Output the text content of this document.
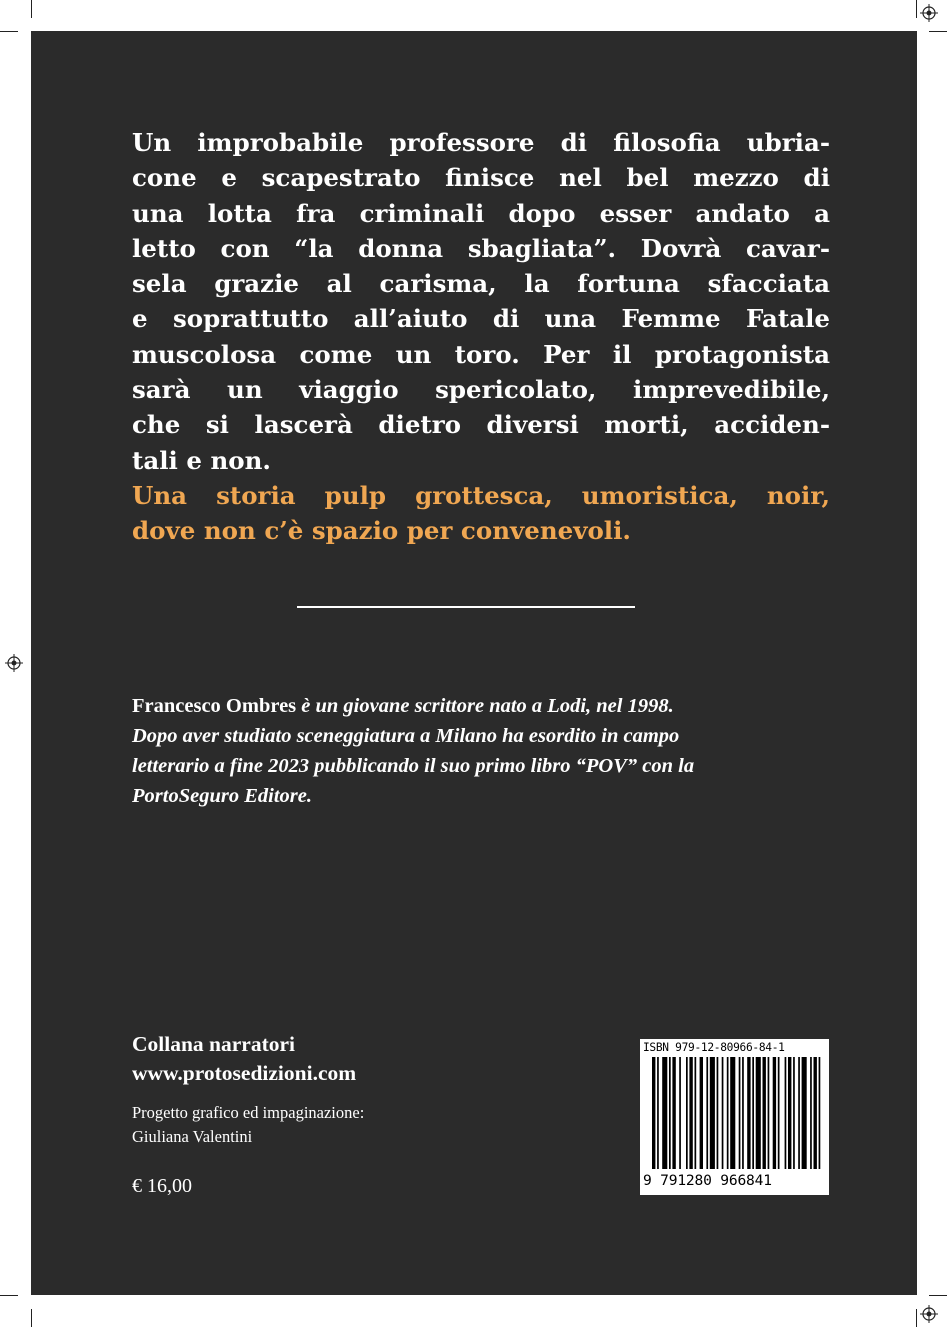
Un improbabile professore di filosofia ubria-
cone e scapestrato finisce nel bel mezzo di
una lotta fra criminali dopo esser andato a
letto con “la donna sbagliata”. Dovrà cavar-
sela grazie al carisma, la fortuna sfacciata
e soprattutto all’aiuto di una Femme Fatale
muscolosa come un toro. Per il protagonista
sarà un viaggio spericolato, imprevedibile,
che si lascerà dietro diversi morti, acciden-
tali e non.
Una storia pulp grottesca, umoristica, noir,
dove non c’è spazio per convenevoli.
Francesco Ombres è un giovane scrittore nato a Lodi, nel 1998.
Dopo aver studiato sceneggiatura a Milano ha esordito in campo
letterario a fine 2023 pubblicando il suo primo libro “POV” con la
PortoSeguro Editore.
Collana narratori
www.protosedizioni.com
Progetto grafico ed impaginazione:
Giuliana Valentini
€ 16,00
ISBN 979-12-80966-84-1
9 791280 966841
Francesco OmbresÈ SOLO UN NOME
π
